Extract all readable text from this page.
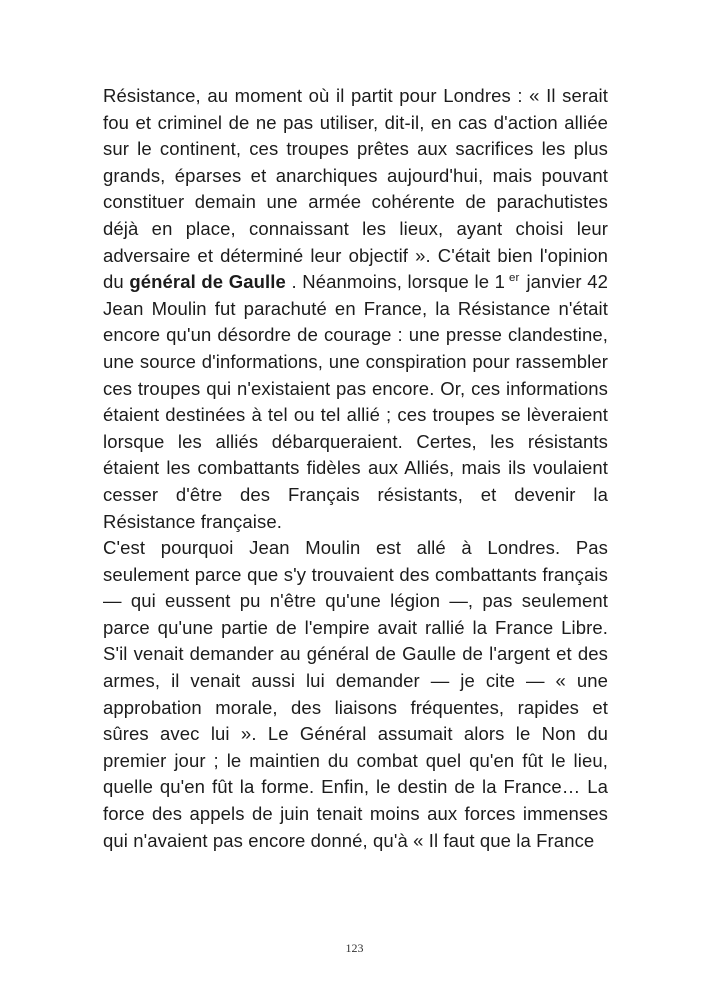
Résistance, au moment où il partit pour Londres : « Il serait fou et criminel de ne pas utiliser, dit-il, en cas d'action alliée sur le continent, ces troupes prêtes aux sacrifices les plus grands, éparses et anarchiques aujourd'hui, mais pouvant constituer demain une armée cohérente de parachutistes déjà en place, connaissant les lieux, ayant choisi leur adversaire et déterminé leur objectif ». C'était bien l'opinion du général de Gaulle . Néanmoins, lorsque le 1 $^{er}$ janvier 42 Jean Moulin fut parachuté en France, la Résistance n'était encore qu'un désordre de courage : une presse clandestine, une source d'informations, une conspiration pour rassembler ces troupes qui n'existaient pas encore. Or, ces informations étaient destinées à tel ou tel allié ; ces troupes se lèveraient lorsque les alliés débarqueraient. Certes, les résistants étaient les combattants fidèles aux Alliés, mais ils voulaient cesser d'être des Français résistants, et devenir la Résistance française.

C'est pourquoi Jean Moulin est allé à Londres. Pas seulement parce que s'y trouvaient des combattants français — qui eussent pu n'être qu'une légion —, pas seulement parce qu'une partie de l'empire avait rallié la France Libre. S'il venait demander au général de Gaulle de l'argent et des armes, il venait aussi lui demander — je cite — « une approbation morale, des liaisons fréquentes, rapides et sûres avec lui ». Le Général assumait alors le Non du premier jour ; le maintien du combat quel qu'en fût le lieu, quelle qu'en fût la forme. Enfin, le destin de la France… La force des appels de juin tenait moins aux forces immenses qui n'avaient pas encore donné, qu'à « Il faut que la France

123
